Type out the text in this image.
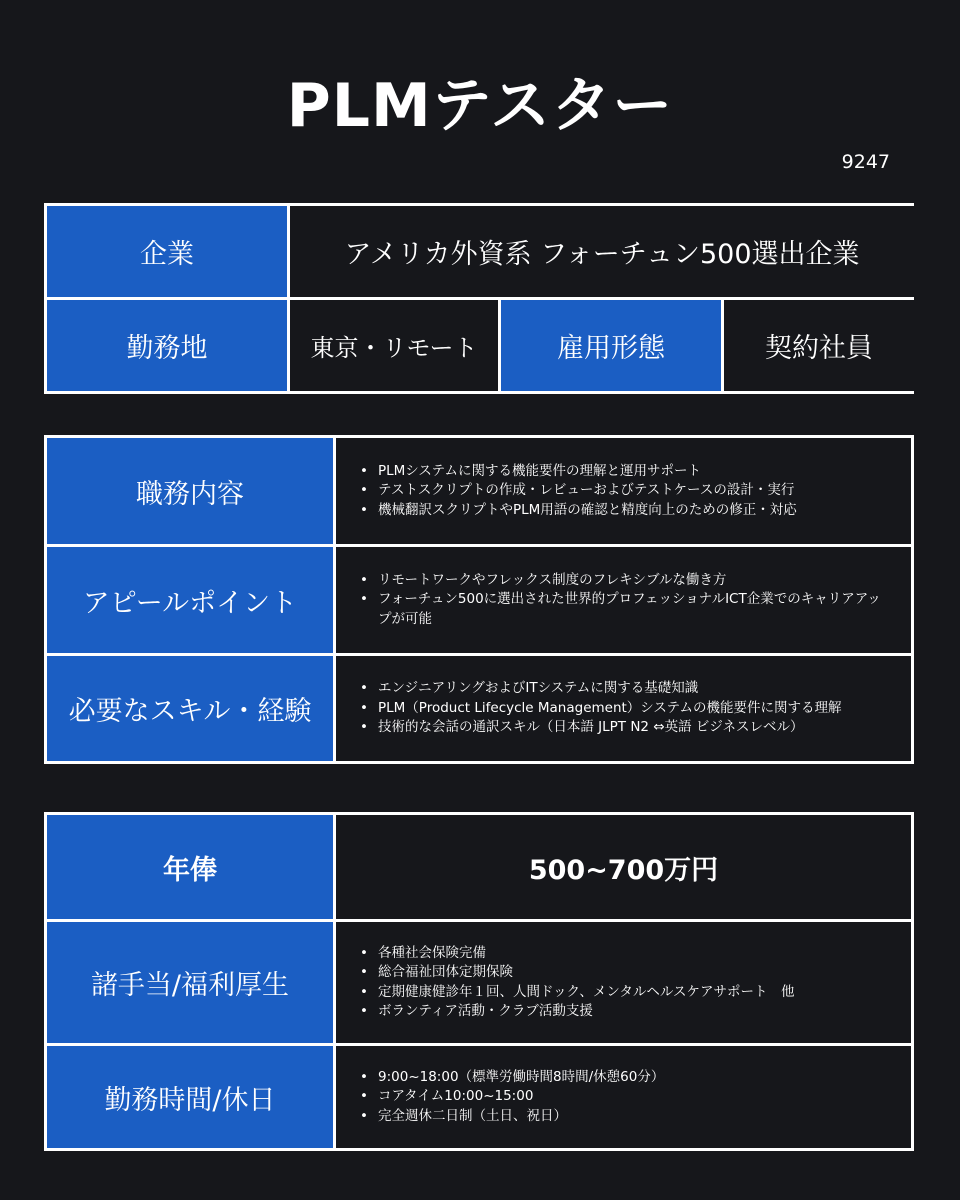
PLMテスター
9247
企業	アメリカ外資系 フォーチュン500選出企業
勤務地	東京・リモート	雇用形態	契約社員
職務内容
• PLMシステムに関する機能要件の理解と運用サポート
• テストスクリプトの作成・レビューおよびテストケースの設計・実行
• 機械翻訳スクリプトやPLM用語の確認と精度向上のための修正・対応
アピールポイント
• リモートワークやフレックス制度のフレキシブルな働き方
• フォーチュン500に選出された世界的プロフェッショナルICT企業でのキャリアアップが可能
必要なスキル・経験
• エンジニアリングおよびITシステムに関する基礎知識
• PLM（Product Lifecycle Management）システムの機能要件に関する理解
• 技術的な会話の通訳スキル（日本語 JLPT N2 ⇔英語 ビジネスレベル）
年俸	500~700万円
諸手当/福利厚生
• 各種社会保険完備
• 総合福祉団体定期保険
• 定期健康健診年１回、人間ドック、メンタルヘルスケアサポート　他
• ボランティア活動・クラブ活動支援
勤務時間/休日
• 9:00~18:00（標準労働時間8時間/休憩60分）
• コアタイム10:00~15:00
• 完全週休二日制（土日、祝日）
